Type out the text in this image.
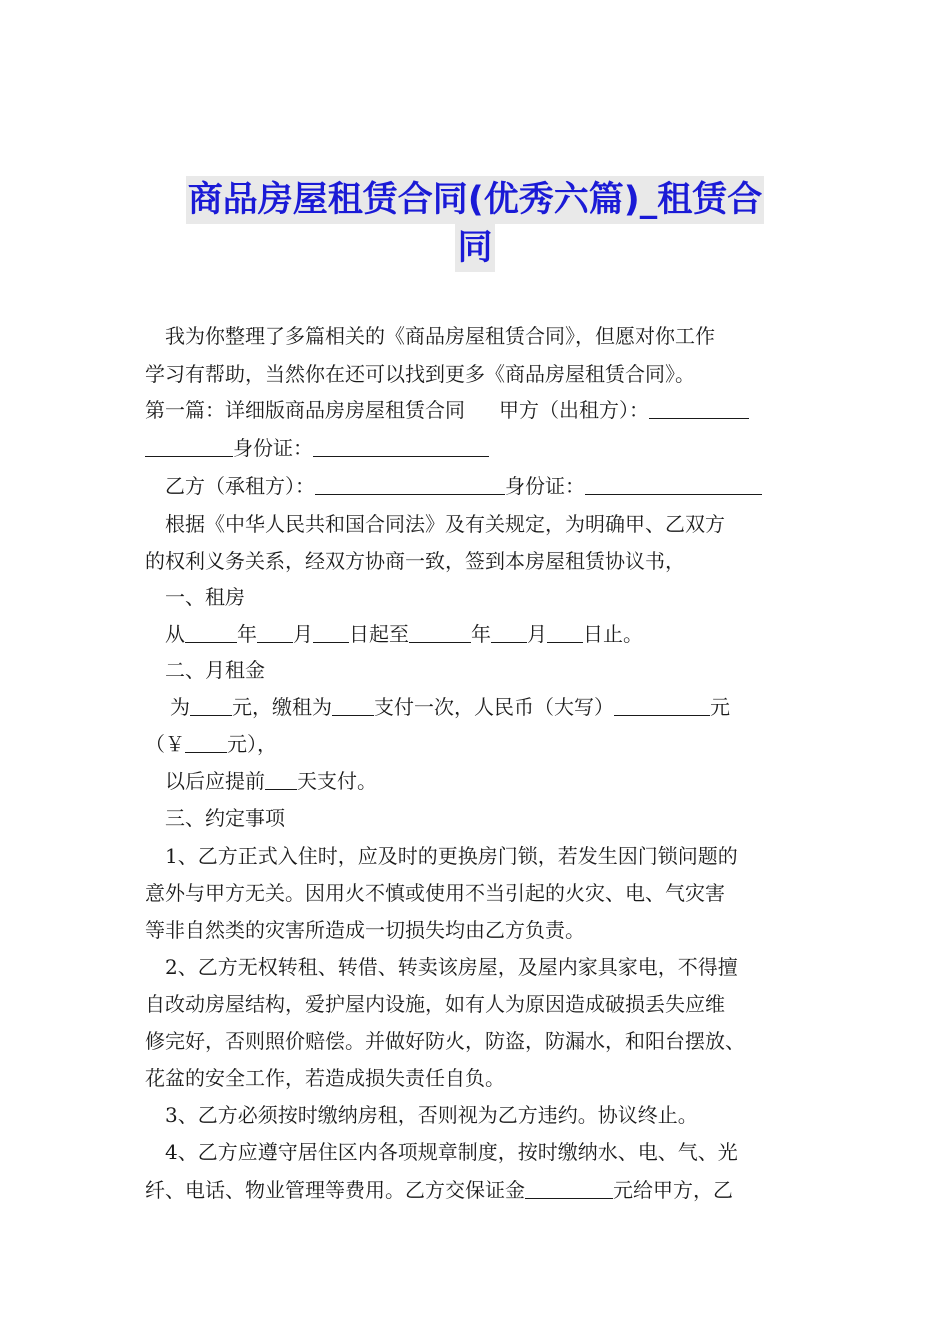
商品房屋租赁合同(优秀六篇)_租赁合
同
我为你整理了多篇相关的《商品房屋租赁合同》，但愿对你工作
学习有帮助，当然你在还可以找到更多《商品房屋租赁合同》。
第一篇：详细版商品房房屋租赁合同 甲方（出租方）：
身份证：
乙方（承租方）：	身份证：
根据《中华人民共和国合同法》及有关规定，为明确甲、乙双方
的权利义务关系，经双方协商一致，签到本房屋租赁协议书，
一、租房
从	年 月 日起至	年 月 日止。
二、月租金
为 元，缴租为 支付一次，人民币（大写）	元
（￥ 元），
以后应提前 天支付。
三、约定事项
1、乙方正式入住时，应及时的更换房门锁，若发生因门锁问题的
意外与甲方无关。因用火不慎或使用不当引起的火灾、电、气灾害
等非自然类的灾害所造成一切损失均由乙方负责。
2、乙方无权转租、转借、转卖该房屋，及屋内家具家电，不得擅
自改动房屋结构，爱护屋内设施，如有人为原因造成破损丢失应维
修完好，否则照价赔偿。并做好防火，防盗，防漏水，和阳台摆放、
花盆的安全工作，若造成损失责任自负。
3、乙方必须按时缴纳房租，否则视为乙方违约。协议终止。
4、乙方应遵守居住区内各项规章制度，按时缴纳水、电、气、光
纤、电话、物业管理等费用。乙方交保证金	元给甲方，乙
